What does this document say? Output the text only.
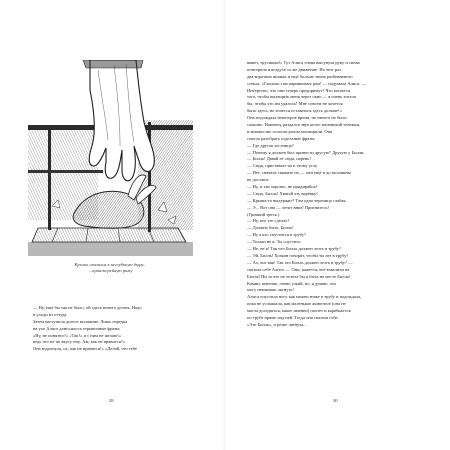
Кролик свалился в неглубокую дыру...
...оранжерейную раму
— Ну, ещё бы так не было, ой здесь ничего делать. Надо
и уходи из оттуда.
Затем наступила долгое молчание. Лишь изредка
на ухо Алисе доносилось отрывочные фразы:
«Ну, не понятно?» «Так?» и с ним не желаю!»
ведь что не по вкусу ему. Аж, как не нравится?»
Она вздохнула, ох, как не нравится!» «Делай, что тебе
28
вывет, трусишка!» Тут Алиса снова высунула руку и снова
повторила в воздухе то же движение. На этот раз
два коротких визжка и ещё больше звона разбиваемого
стекла. «Сколько там парниковых рам! — подумала Алиса. —
Интересно, что они теперь предпримут? Что касается
того, чтобы вытащить меня через окно — я очень хотела
бы, чтобы это им удалось! Мне совсем не хочется
быть здесь, не хочется оставаться здесь дольше!»
Она подождала некоторое время, но ничего не было
слышно. Наконец, раздался звук колес маленькой тележки,
и множество голосов разом заговорили. Она
смогла разобрать отдельные фразы:
— Где другая лестница?
— Почему я должен был принести другую? Другую у Билли.
— Билль! Давай её сюда, парень!
— Сюда, приставьте их к этому углу.
— Нет, сначала свяжите их — они ещё и до половины
не достают.
— Ну, и так хорошо, не придирайся!
— Сюда, Билль! Хватай эту верёвку!
— Крыша-то выдержит? Там одна черепица слабая.
— Э... Вот она — летит вниз! Пригнитесь!
(Громкий треск.)
— Ну, кто это сделал?
— Должно быть, Билль!
— Ну а кто спустится в трубу?
— Только не я. Ты спустись.
— Не, не я! Так что Билль должен лезть в трубу?
— Эй, Билль! Хозяин говорит, чтобы ты лез в трубу!
— Ах, вот как! Так это Билль должен лезть в трубу? —
сказала себе Алиса. — Они, кажется, всё взвалили на
Билля! Ни за что не хотела бы я быть на месте Билля!
Камин, конечно, очень узкий, но, я думаю, что
могу немножко лягнуть!
Алиса опустила ногу как можно ниже в трубу и подождала,
пока не услышала, как маленькое животное (она не
могла догадаться, какое именно) ползёт и карабкается
по трубе прямо над ней. Тогда она сказала себе:
«Это Билль», и резко лягнула...
30
